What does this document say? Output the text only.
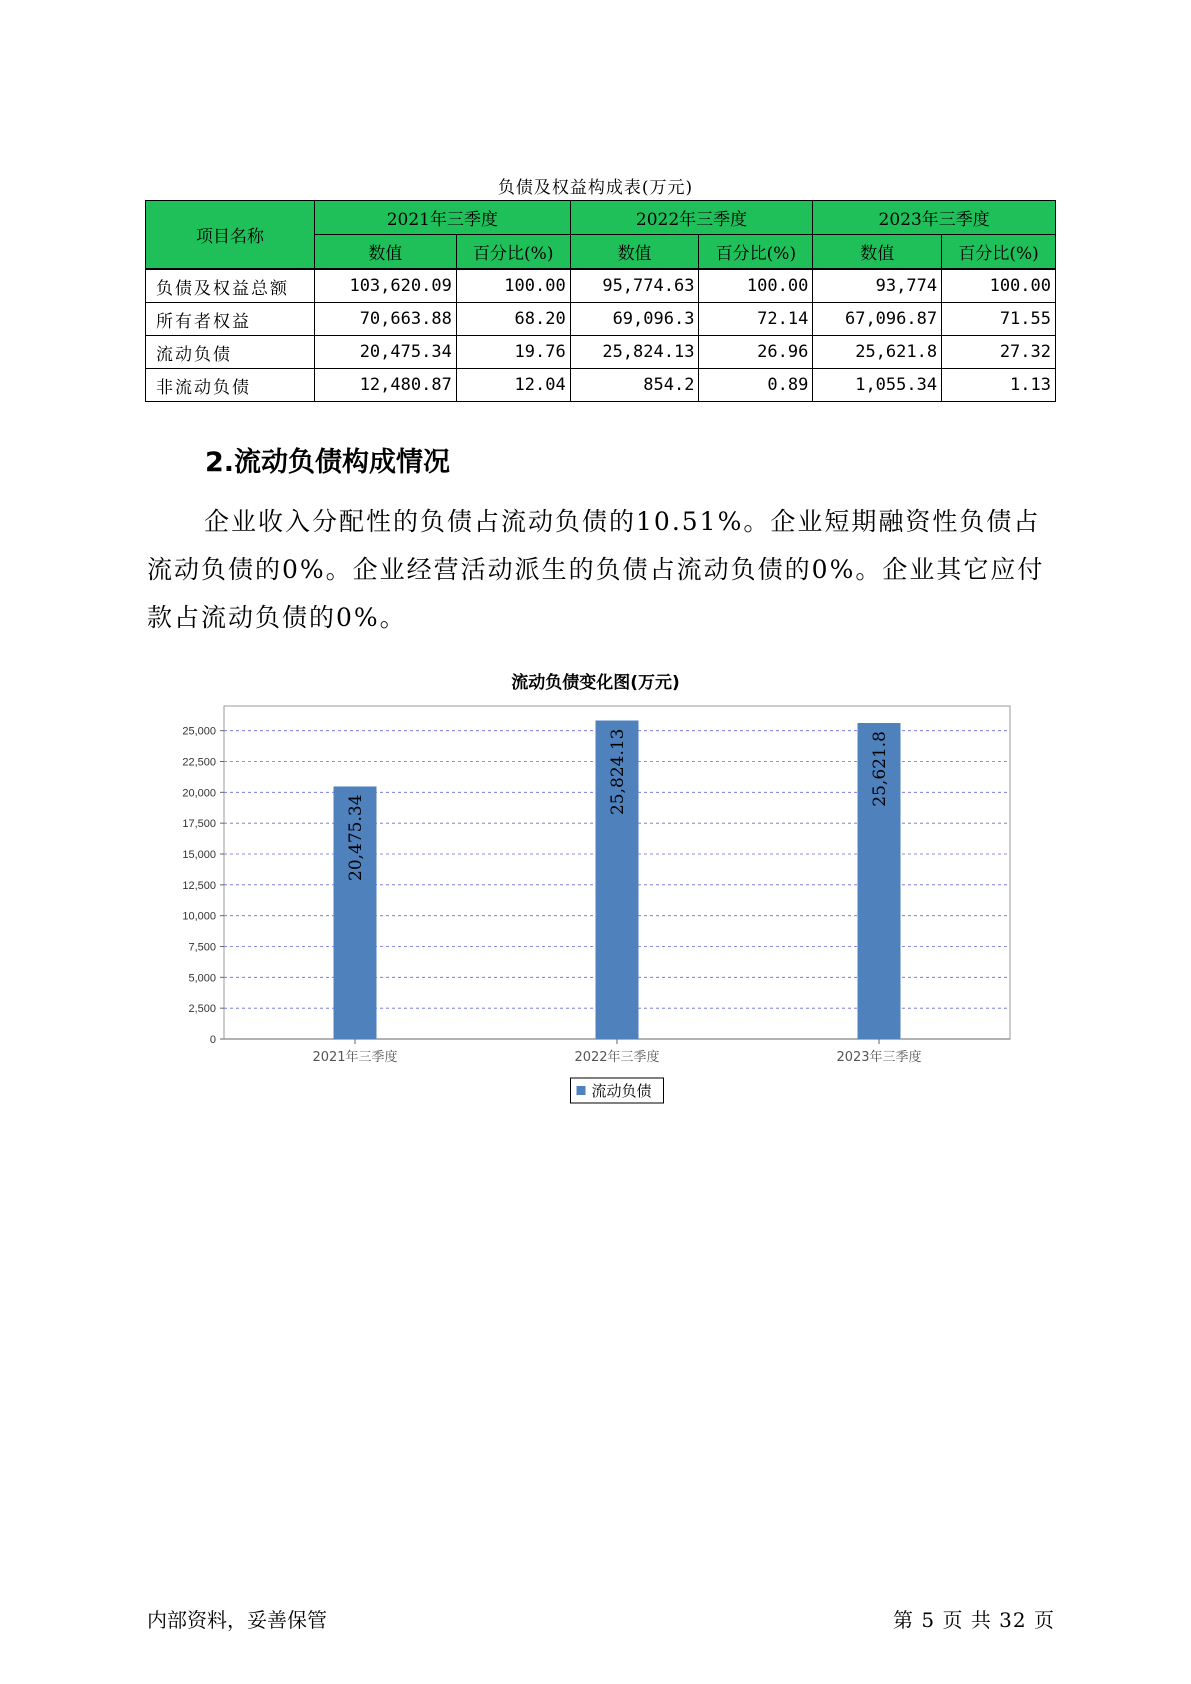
负债及权益构成表(万元)
项目名称	2021年三季度		2022年三季度		2023年三季度	
	数值	百分比(%)	数值	百分比(%)	数值	百分比(%)
负债及权益总额	103,620.09	100.00	95,774.63	100.00	93,774	100.00
所有者权益	70,663.88	68.20	69,096.3	72.14	67,096.87	71.55
流动负债	20,475.34	19.76	25,824.13	26.96	25,621.8	27.32
非流动负债	12,480.87	12.04	854.2	0.89	1,055.34	1.13
2.流动负债构成情况
企业收入分配性的负债占流动负债的10.51%。企业短期融资性负债占流动负债的0%。企业经营活动派生的负债占流动负债的0%。企业其它应付款占流动负债的0%。
流动负债变化图(万元)
0
2,500
5,000
7,500
10,000
12,500
15,000
17,500
20,000
22,500
25,000
2021年三季度
20,475.34
2022年三季度
25,824.13
2023年三季度
25,621.8
流动负债
内部资料，妥善保管	第 5 页 共 32 页
